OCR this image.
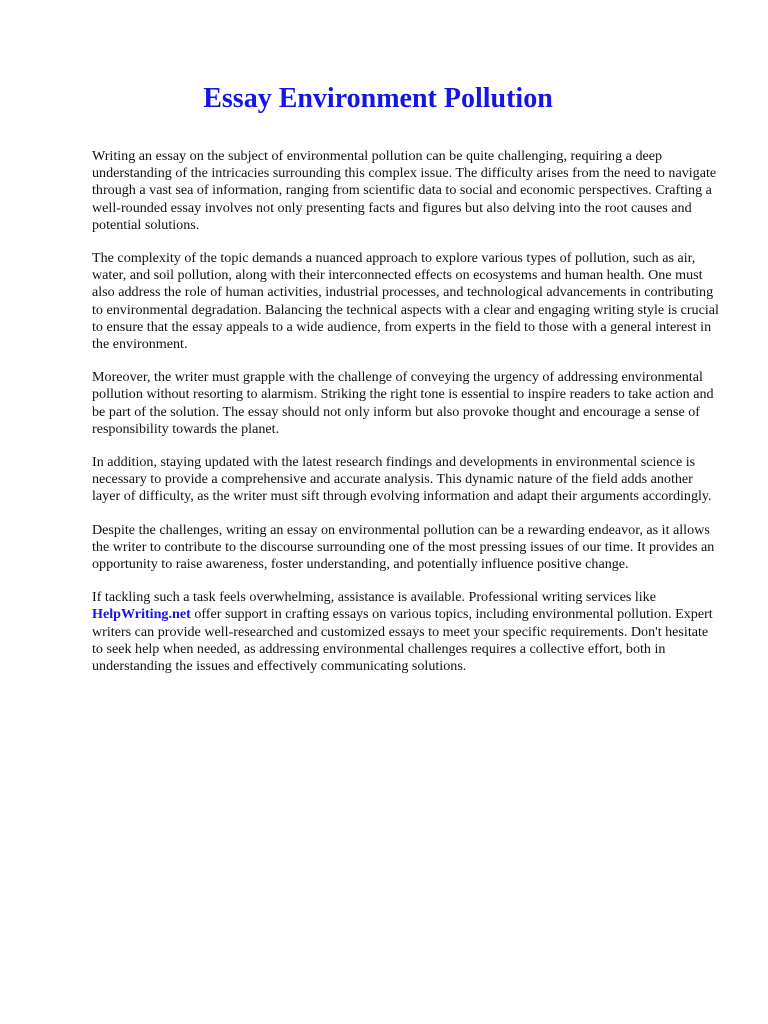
Essay Environment Pollution

Writing an essay on the subject of environmental pollution can be quite challenging, requiring a deep understanding of the intricacies surrounding this complex issue. The difficulty arises from the need to navigate through a vast sea of information, ranging from scientific data to social and economic perspectives. Crafting a well-rounded essay involves not only presenting facts and figures but also delving into the root causes and potential solutions.

The complexity of the topic demands a nuanced approach to explore various types of pollution, such as air, water, and soil pollution, along with their interconnected effects on ecosystems and human health. One must also address the role of human activities, industrial processes, and technological advancements in contributing to environmental degradation. Balancing the technical aspects with a clear and engaging writing style is crucial to ensure that the essay appeals to a wide audience, from experts in the field to those with a general interest in the environment.

Moreover, the writer must grapple with the challenge of conveying the urgency of addressing environmental pollution without resorting to alarmism. Striking the right tone is essential to inspire readers to take action and be part of the solution. The essay should not only inform but also provoke thought and encourage a sense of responsibility towards the planet.

In addition, staying updated with the latest research findings and developments in environmental science is necessary to provide a comprehensive and accurate analysis. This dynamic nature of the field adds another layer of difficulty, as the writer must sift through evolving information and adapt their arguments accordingly.

Despite the challenges, writing an essay on environmental pollution can be a rewarding endeavor, as it allows the writer to contribute to the discourse surrounding one of the most pressing issues of our time. It provides an opportunity to raise awareness, foster understanding, and potentially influence positive change.

If tackling such a task feels overwhelming, assistance is available. Professional writing services like HelpWriting.net offer support in crafting essays on various topics, including environmental pollution. Expert writers can provide well-researched and customized essays to meet your specific requirements. Don't hesitate to seek help when needed, as addressing environmental challenges requires a collective effort, both in understanding the issues and effectively communicating solutions.
